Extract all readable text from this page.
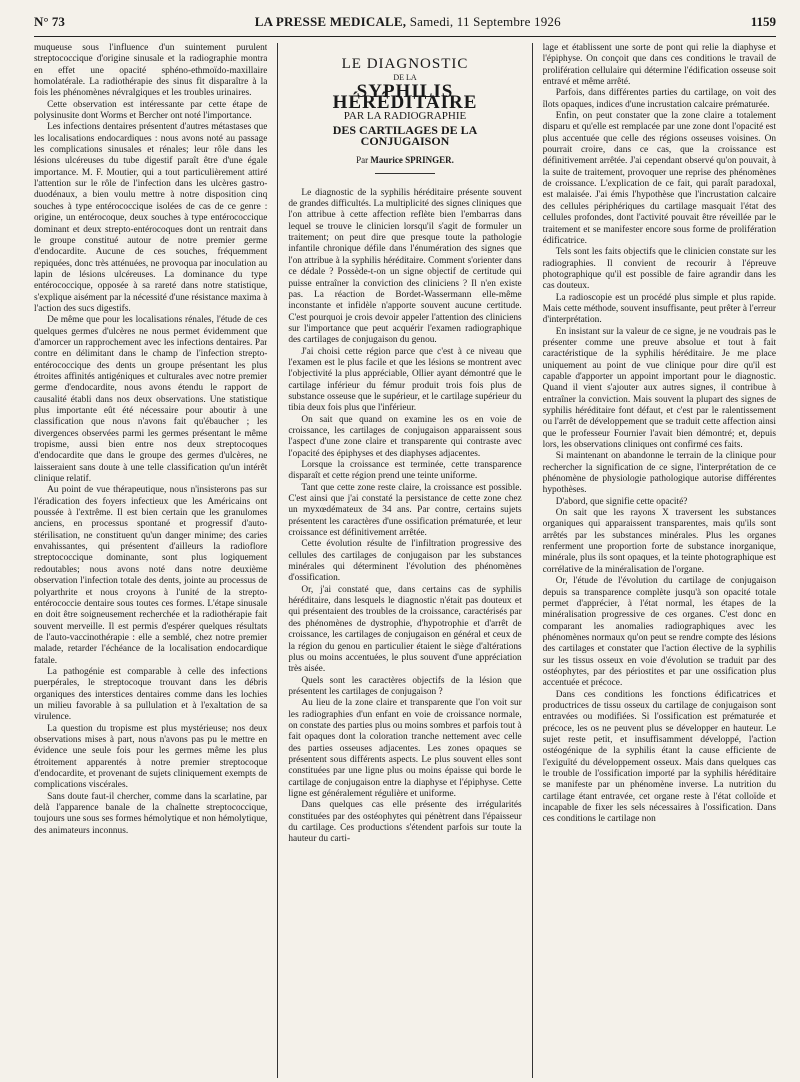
N° 73	LA PRESSE MEDICALE, Samedi, 11 Septembre 1926	1159

muqueuse sous l'influence d'un suintement purulent streptococcique d'origine sinusale et la radiographie montra en effet une opacité sphéno-ethmoïdo-maxillaire homolatérale. La radiothérapie des sinus fit disparaître à la fois les phénomènes névralgiques et les troubles urinaires.

Cette observation est intéressante par cette étape de polysinusite dont Worms et Bercher ont noté l'importance.

Les infections dentaires présentent d'autres métastases que les localisations endocardiques : nous avons noté au passage les complications sinusales et rénales; leur rôle dans les lésions ulcéreuses du tube digestif paraît être d'une égale importance. M. F. Moutier, qui a tout particulièrement attiré l'attention sur le rôle de l'infection dans les ulcères gastro-duodénaux, a bien voulu mettre à notre disposition cinq souches à type entérococcique isolées de cas de ce genre : origine, un entérocoque, deux souches à type entérococcique dominant et deux strepto-entérocoques dont un rentrait dans le groupe constitué autour de notre premier germe d'endocardite. Aucune de ces souches, fréquemment repiquées, donc très atténuées, ne provoqua par inoculation au lapin de lésions ulcéreuses. La dominance du type entérococcique, opposée à sa rareté dans notre statistique, s'explique aisément par la nécessité d'une résistance maxima à l'action des sucs digestifs.

De même que pour les localisations rénales, l'étude de ces quelques germes d'ulcères ne nous permet évidemment que d'amorcer un rapprochement avec les infections dentaires. Par contre en délimitant dans le champ de l'infection strepto-entérococcique des dents un groupe présentant les plus étroites affinités antigéniques et culturales avec notre premier germe d'endocardite, nous avons étendu le rapport de causalité établi dans nos deux observations. Une statistique plus importante eût été nécessaire pour aboutir à une classification que nous n'avons fait qu'ébaucher ; les divergences observées parmi les germes présentant le même tropisme, aussi bien entre nos deux streptocoques d'endocardite que dans le groupe des germes d'ulcères, ne laisseraient sans doute à une telle classification qu'un intérêt clinique relatif.

Au point de vue thérapeutique, nous n'insisterons pas sur l'éradication des foyers infectieux que les Américains ont poussée à l'extrême. Il est bien certain que les granulomes anciens, en processus spontané et progressif d'auto-stérilisation, ne constituent qu'un danger minime; des caries envahissantes, qui présentent d'ailleurs la radioflore streptococcique dominante, sont plus logiquement redoutables; nous avons noté dans notre deuxième observation l'infection totale des dents, jointe au processus de polyarthrite et nous croyons à l'unité de la strepto-entérococcie dentaire sous toutes ces formes. L'étape sinusale en doit être soigneusement recherchée et la radiothérapie fait souvent merveille. Il est permis d'espérer quelques résultats de l'auto-vaccinothérapie : elle a semblé, chez notre premier malade, retarder l'échéance de la localisation endocardique fatale.

La pathogénie est comparable à celle des infections puerpérales, le streptocoque trouvant dans les débris organiques des interstices dentaires comme dans les lochies un milieu favorable à sa pullulation et à l'exaltation de sa virulence.

La question du tropisme est plus mystérieuse; nos deux observations mises à part, nous n'avons pas pu le mettre en évidence une seule fois pour les germes même les plus étroitement apparentés à notre premier streptocoque d'endocardite, et provenant de sujets cliniquement exempts de complications viscérales.

Sans doute faut-il chercher, comme dans la scarlatine, par delà l'apparence banale de la chaînette streptococcique, toujours une sous ses formes hémolytique et non hémolytique, des animateurs inconnus.

LE DIAGNOSTIC
DE LA
SYPHILIS HÉRÉDITAIRE
PAR LA RADIOGRAPHIE
DES CARTILAGES DE LA CONJUGAISON
Par Maurice SPRINGER.

Le diagnostic de la syphilis héréditaire présente souvent de grandes difficultés. La multiplicité des signes cliniques que l'on attribue à cette affection reflète bien l'embarras dans lequel se trouve le clinicien lorsqu'il s'agit de formuler un traitement; on peut dire que presque toute la pathologie infantile chronique défile dans l'énumération des signes que l'on attribue à la syphilis héréditaire. Comment s'orienter dans ce dédale ? Possède-t-on un signe objectif de certitude qui puisse entraîner la conviction des cliniciens ? Il n'en existe pas. La réaction de Bordet-Wassermann elle-même inconstante et infidèle n'apporte souvent aucune certitude. C'est pourquoi je crois devoir appeler l'attention des cliniciens sur l'importance que peut acquérir l'examen radiographique des cartilages de conjugaison du genou.

J'ai choisi cette région parce que c'est à ce niveau que l'examen est le plus facile et que les lésions se montrent avec l'objectivité la plus appréciable, Ollier ayant démontré que le cartilage inférieur du fémur produit trois fois plus de substance osseuse que le supérieur, et le cartilage supérieur du tibia deux fois plus que l'inférieur.

On sait que quand on examine les os en voie de croissance, les cartilages de conjugaison apparaissent sous l'aspect d'une zone claire et transparente qui contraste avec l'opacité des épiphyses et des diaphyses adjacentes.

Lorsque la croissance est terminée, cette transparence disparaît et cette région prend une teinte uniforme.

Tant que cette zone reste claire, la croissance est possible. C'est ainsi que j'ai constaté la persistance de cette zone chez un myxœdémateux de 34 ans. Par contre, certains sujets présentent les caractères d'une ossification prématurée, et leur croissance est définitivement arrêtée.

Cette évolution résulte de l'infiltration progressive des cellules des cartilages de conjugaison par les substances minérales qui déterminent l'évolution des phénomènes d'ossification.

Or, j'ai constaté que, dans certains cas de syphilis héréditaire, dans lesquels le diagnostic n'était pas douteux et qui présentaient des troubles de la croissance, caractérisés par des phénomènes de dystrophie, d'hypotrophie et d'arrêt de croissance, les cartilages de conjugaison en général et ceux de la région du genou en particulier étaient le siège d'altérations plus ou moins accentuées, le plus souvent d'une appréciation très aisée.

Quels sont les caractères objectifs de la lésion que présentent les cartilages de conjugaison ?

Au lieu de la zone claire et transparente que l'on voit sur les radiographies d'un enfant en voie de croissance normale, on constate des parties plus ou moins sombres et parfois tout à fait opaques dont la coloration tranche nettement avec celle des parties osseuses adjacentes. Les zones opaques se présentent sous différents aspects. Le plus souvent elles sont constituées par une ligne plus ou moins épaisse qui borde le cartilage de conjugaison entre la diaphyse et l'épiphyse. Cette ligne est généralement régulière et uniforme.

Dans quelques cas elle présente des irrégularités constituées par des ostéophytes qui pénètrent dans l'épaisseur du cartilage. Ces productions s'étendent parfois sur toute la hauteur du carti-

lage et établissent une sorte de pont qui relie la diaphyse et l'épiphyse. On conçoit que dans ces conditions le travail de prolifération cellulaire qui détermine l'édification osseuse soit entravé et même arrêté.

Parfois, dans différentes parties du cartilage, on voit des îlots opaques, indices d'une incrustation calcaire prématurée.

Enfin, on peut constater que la zone claire a totalement disparu et qu'elle est remplacée par une zone dont l'opacité est plus accentuée que celle des régions osseuses voisines. On pourrait croire, dans ce cas, que la croissance est définitivement arrêtée. J'ai cependant observé qu'on pouvait, à la suite de traitement, provoquer une reprise des phénomènes de croissance. L'explication de ce fait, qui paraît paradoxal, est malaisée. J'ai émis l'hypothèse que l'incrustation calcaire des cellules périphériques du cartilage masquait l'état des cellules profondes, dont l'activité pouvait être réveillée par le traitement et se manifester encore sous forme de prolifération édificatrice.

Tels sont les faits objectifs que le clinicien constate sur les radiographies. Il convient de recourir à l'épreuve photographique qu'il est possible de faire agrandir dans les cas douteux.

La radioscopie est un procédé plus simple et plus rapide. Mais cette méthode, souvent insuffisante, peut prêter à l'erreur d'interprétation.

En insistant sur la valeur de ce signe, je ne voudrais pas le présenter comme une preuve absolue et tout à fait caractéristique de la syphilis héréditaire. Je me place uniquement au point de vue clinique pour dire qu'il est capable d'apporter un appoint important pour le diagnostic. Quand il vient s'ajouter aux autres signes, il contribue à entraîner la conviction. Mais souvent la plupart des signes de syphilis héréditaire font défaut, et c'est par le ralentissement ou l'arrêt de développement que se traduit cette affection ainsi que le professeur Fournier l'avait bien démontré; et, depuis lors, les observations cliniques ont confirmé ces faits.

Si maintenant on abandonne le terrain de la clinique pour rechercher la signification de ce signe, l'interprétation de ce phénomène de physiologie pathologique autorise différentes hypothèses.

D'abord, que signifie cette opacité?

On sait que les rayons X traversent les substances organiques qui apparaissent transparentes, mais qu'ils sont arrêtés par les substances minérales. Plus les organes renferment une proportion forte de substance inorganique, minérale, plus ils sont opaques, et la teinte photographique est corrélative de la minéralisation de l'organe.

Or, l'étude de l'évolution du cartilage de conjugaison depuis sa transparence complète jusqu'à son opacité totale permet d'apprécier, à l'état normal, les étapes de la minéralisation progressive de ces organes. C'est donc en comparant les anomalies radiographiques avec les phénomènes normaux qu'on peut se rendre compte des lésions des cartilages et constater que l'action élective de la syphilis sur les tissus osseux en voie d'évolution se traduit par des ostéophytes, par des périostites et par une ossification plus accentuée et précoce.

Dans ces conditions les fonctions édificatrices et productrices de tissu osseux du cartilage de conjugaison sont entravées ou modifiées. Si l'ossification est prématurée et précoce, les os ne peuvent plus se développer en hauteur. Le sujet reste petit, et insuffisamment développé, l'action ostéogénique de la syphilis étant la cause efficiente de l'exiguïté du développement osseux. Mais dans quelques cas le trouble de l'ossification importé par la syphilis héréditaire se manifeste par un phénomène inverse. La nutrition du cartilage étant entravée, cet organe reste à l'état colloïde et incapable de fixer les sels nécessaires à l'ossification. Dans ces conditions le cartilage non
